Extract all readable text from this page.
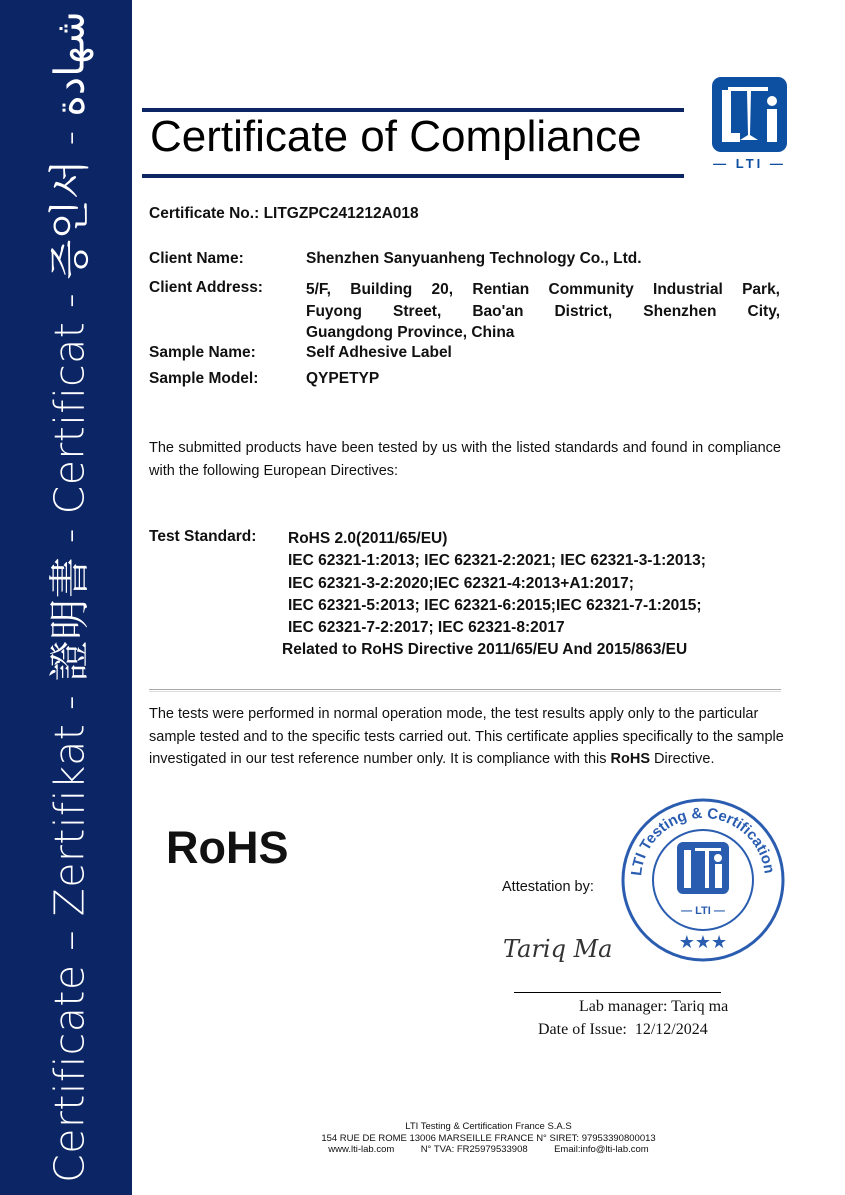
Certificate – Zertifikat - 證明書 - Certificat - 증인서 - شهادة
Certificate of Compliance
— LTI —
Certificate No.: LITGZPC241212A018
Client Name:	Shenzhen Sanyuanheng Technology Co., Ltd.
Client Address:	5/F, Building 20, Rentian Community Industrial Park,
Fuyong Street, Bao'an District, Shenzhen City,
Guangdong Province, China
Sample Name:	Self Adhesive Label
Sample Model:	QYPETYP
The submitted products have been tested by us with the listed standards and found in compliance with the following European Directives:
Test Standard: RoHS 2.0(2011/65/EU)
IEC 62321-1:2013; IEC 62321-2:2021; IEC 62321-3-1:2013;
IEC 62321-3-2:2020;IEC 62321-4:2013+A1:2017;
IEC 62321-5:2013; IEC 62321-6:2015;IEC 62321-7-1:2015;
IEC 62321-7-2:2017; IEC 62321-8:2017
Related to RoHS Directive 2011/65/EU And 2015/863/EU
The tests were performed in normal operation mode, the test results apply only to the particular sample tested and to the specific tests carried out. This certificate applies specifically to the sample investigated in our test reference number only. It is compliance with this RoHS Directive.
RoHS
Attestation by:
LTI Testing & Certification
— LTI —
★★★
Tariq Ma
Lab manager: Tariq ma
Date of Issue: 12/12/2024
LTI Testing & Certification France S.A.S
154 RUE DE ROME 13006 MARSEILLE FRANCE N° SIRET: 97953390800013
www.lti-lab.com	N° TVA: FR25979533908	Email:info@lti-lab.com
